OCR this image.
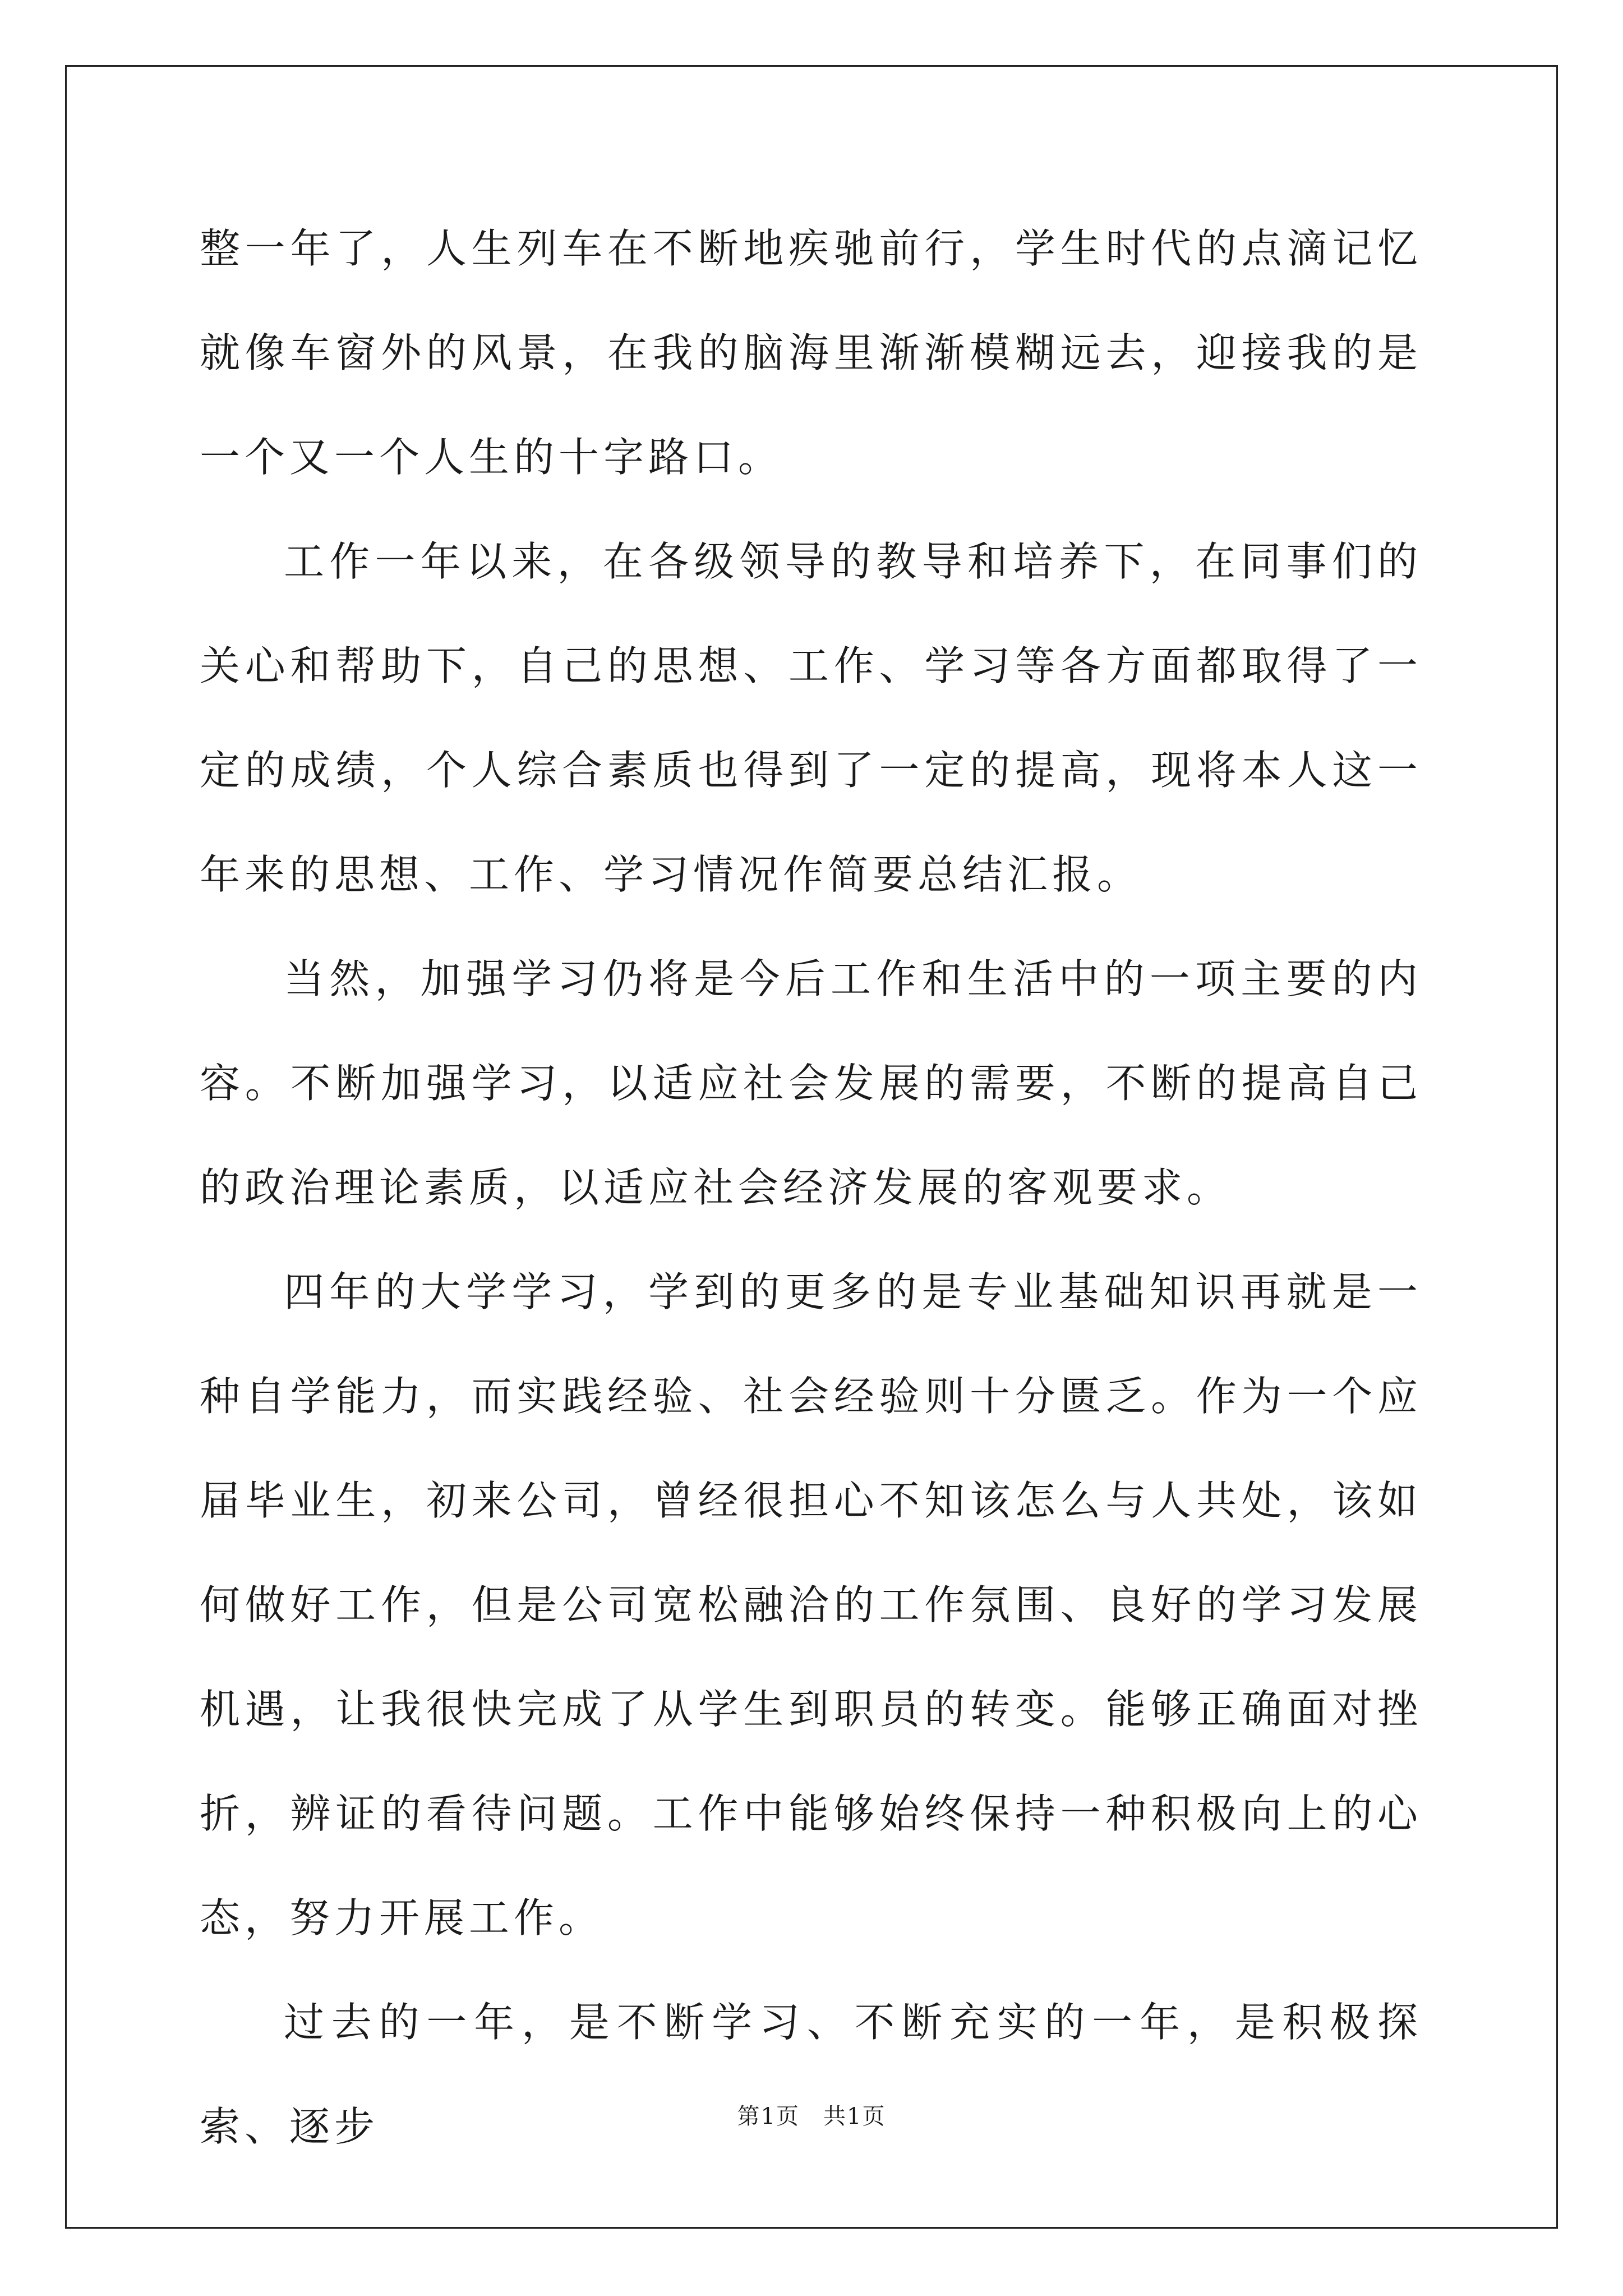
整一年了，人生列车在不断地疾驰前行，学生时代的点滴记忆就像车窗外的风景，在我的脑海里渐渐模糊远去，迎接我的是一个又一个人生的十字路口。

工作一年以来，在各级领导的教导和培养下，在同事们的关心和帮助下，自己的思想、工作、学习等各方面都取得了一定的成绩，个人综合素质也得到了一定的提高，现将本人这一年来的思想、工作、学习情况作简要总结汇报。

当然，加强学习仍将是今后工作和生活中的一项主要的内容。不断加强学习，以适应社会发展的需要，不断的提高自己的政治理论素质，以适应社会经济发展的客观要求。

四年的大学学习，学到的更多的是专业基础知识再就是一种自学能力，而实践经验、社会经验则十分匮乏。作为一个应届毕业生，初来公司，曾经很担心不知该怎么与人共处，该如何做好工作，但是公司宽松融洽的工作氛围、良好的学习发展机遇，让我很快完成了从学生到职员的转变。能够正确面对挫折，辨证的看待问题。工作中能够始终保持一种积极向上的心态，努力开展工作。

过去的一年，是不断学习、不断充实的一年，是积极探索、逐步	第1页　共1页
